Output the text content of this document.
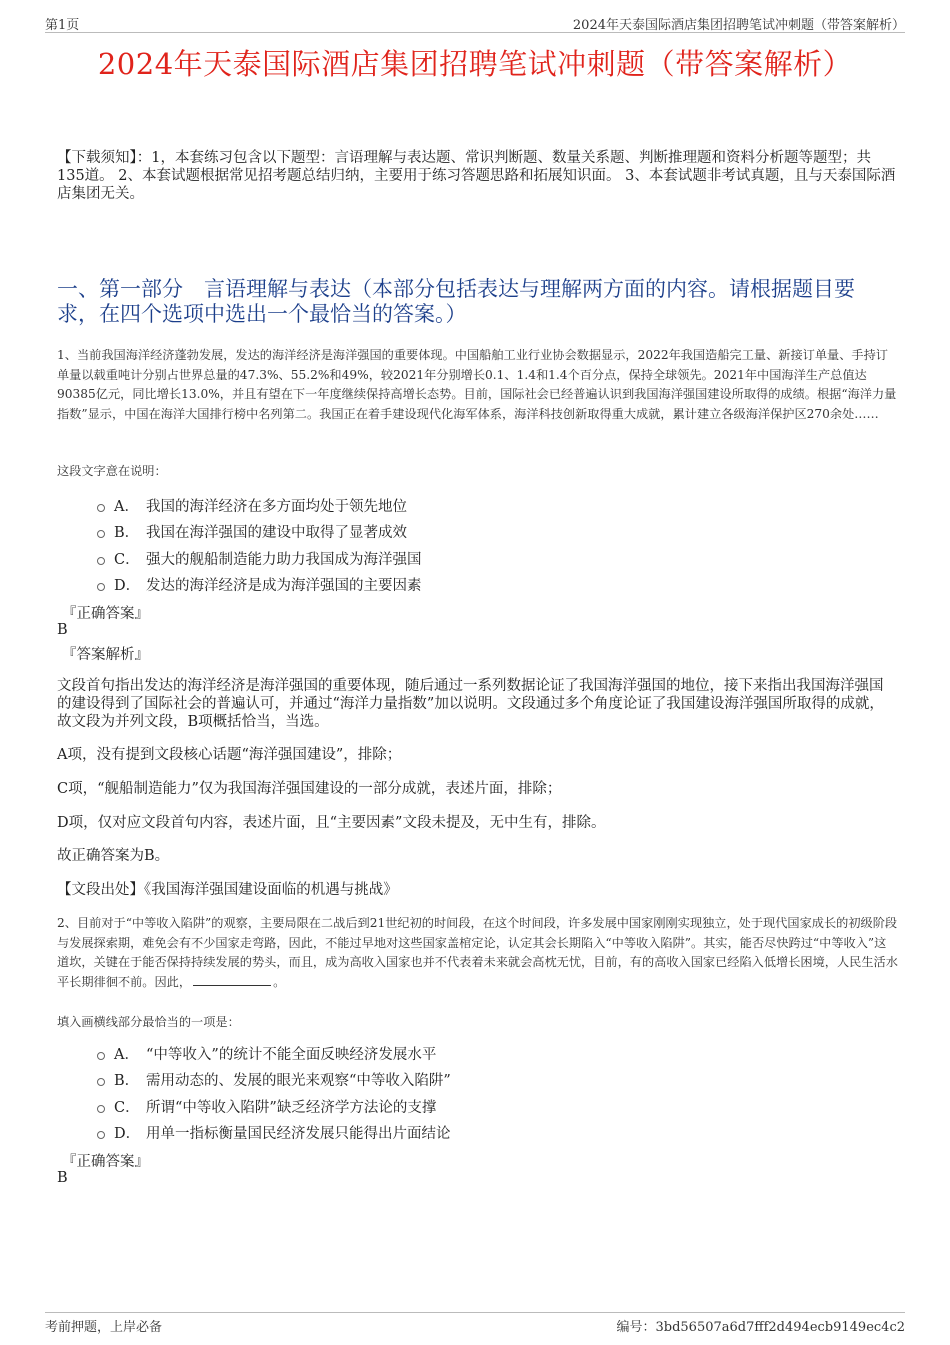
第1页	2024年天泰国际酒店集团招聘笔试冲刺题（带答案解析）
2024年天泰国际酒店集团招聘笔试冲刺题（带答案解析）
【下载须知】：1，本套练习包含以下题型：言语理解与表达题、常识判断题、数量关系题、判断推理题和资料分析题等题型；共135道。 2、本套试题根据常见招考题总结归纳，主要用于练习答题思路和拓展知识面。 3、本套试题非考试真题，且与天泰国际酒店集团无关。
一、第一部分　言语理解与表达（本部分包括表达与理解两方面的内容。请根据题目要求，在四个选项中选出一个最恰当的答案。）
1、当前我国海洋经济蓬勃发展，发达的海洋经济是海洋强国的重要体现。中国船舶工业行业协会数据显示，2022年我国造船完工量、新接订单量、手持订单量以载重吨计分别占世界总量的47.3%、55.2%和49%，较2021年分别增长0.1、1.4和1.4个百分点，保持全球领先。2021年中国海洋生产总值达90385亿元，同比增长13.0%，并且有望在下一年度继续保持高增长态势。目前，国际社会已经普遍认识到我国海洋强国建设所取得的成绩。根据“海洋力量指数”显示，中国在海洋大国排行榜中名列第二。我国正在着手建设现代化海军体系，海洋科技创新取得重大成就，累计建立各级海洋保护区270余处……
这段文字意在说明：
A． 我国的海洋经济在多方面均处于领先地位
B． 我国在海洋强国的建设中取得了显著成效
C． 强大的舰船制造能力助力我国成为海洋强国
D． 发达的海洋经济是成为海洋强国的主要因素
『正确答案』
B
『答案解析』
文段首句指出发达的海洋经济是海洋强国的重要体现，随后通过一系列数据论证了我国海洋强国的地位，接下来指出我国海洋强国的建设得到了国际社会的普遍认可，并通过“海洋力量指数”加以说明。文段通过多个角度论证了我国建设海洋强国所取得的成就，故文段为并列文段，B项概括恰当，当选。
A项，没有提到文段核心话题“海洋强国建设”，排除；
C项，“舰船制造能力”仅为我国海洋强国建设的一部分成就，表述片面，排除；
D项，仅对应文段首句内容，表述片面，且“主要因素”文段未提及，无中生有，排除。
故正确答案为B。
【文段出处】《我国海洋强国建设面临的机遇与挑战》
2、目前对于“中等收入陷阱”的观察，主要局限在二战后到21世纪初的时间段，在这个时间段，许多发展中国家刚刚实现独立，处于现代国家成长的初级阶段与发展探索期，难免会有不少国家走弯路，因此，不能过早地对这些国家盖棺定论，认定其会长期陷入“中等收入陷阱”。其实，能否尽快跨过“中等收入”这道坎，关键在于能否保持持续发展的势头，而且，成为高收入国家也并不代表着未来就会高枕无忧，目前，有的高收入国家已经陷入低增长困境，人民生活水平长期徘徊不前。因此，	。
填入画横线部分最恰当的一项是：
A． “中等收入”的统计不能全面反映经济发展水平
B． 需用动态的、发展的眼光来观察“中等收入陷阱”
C． 所谓“中等收入陷阱”缺乏经济学方法论的支撑
D． 用单一指标衡量国民经济发展只能得出片面结论
『正确答案』
B
考前押题，上岸必备	编号：3bd56507a6d7fff2d494ecb9149ec4c2
